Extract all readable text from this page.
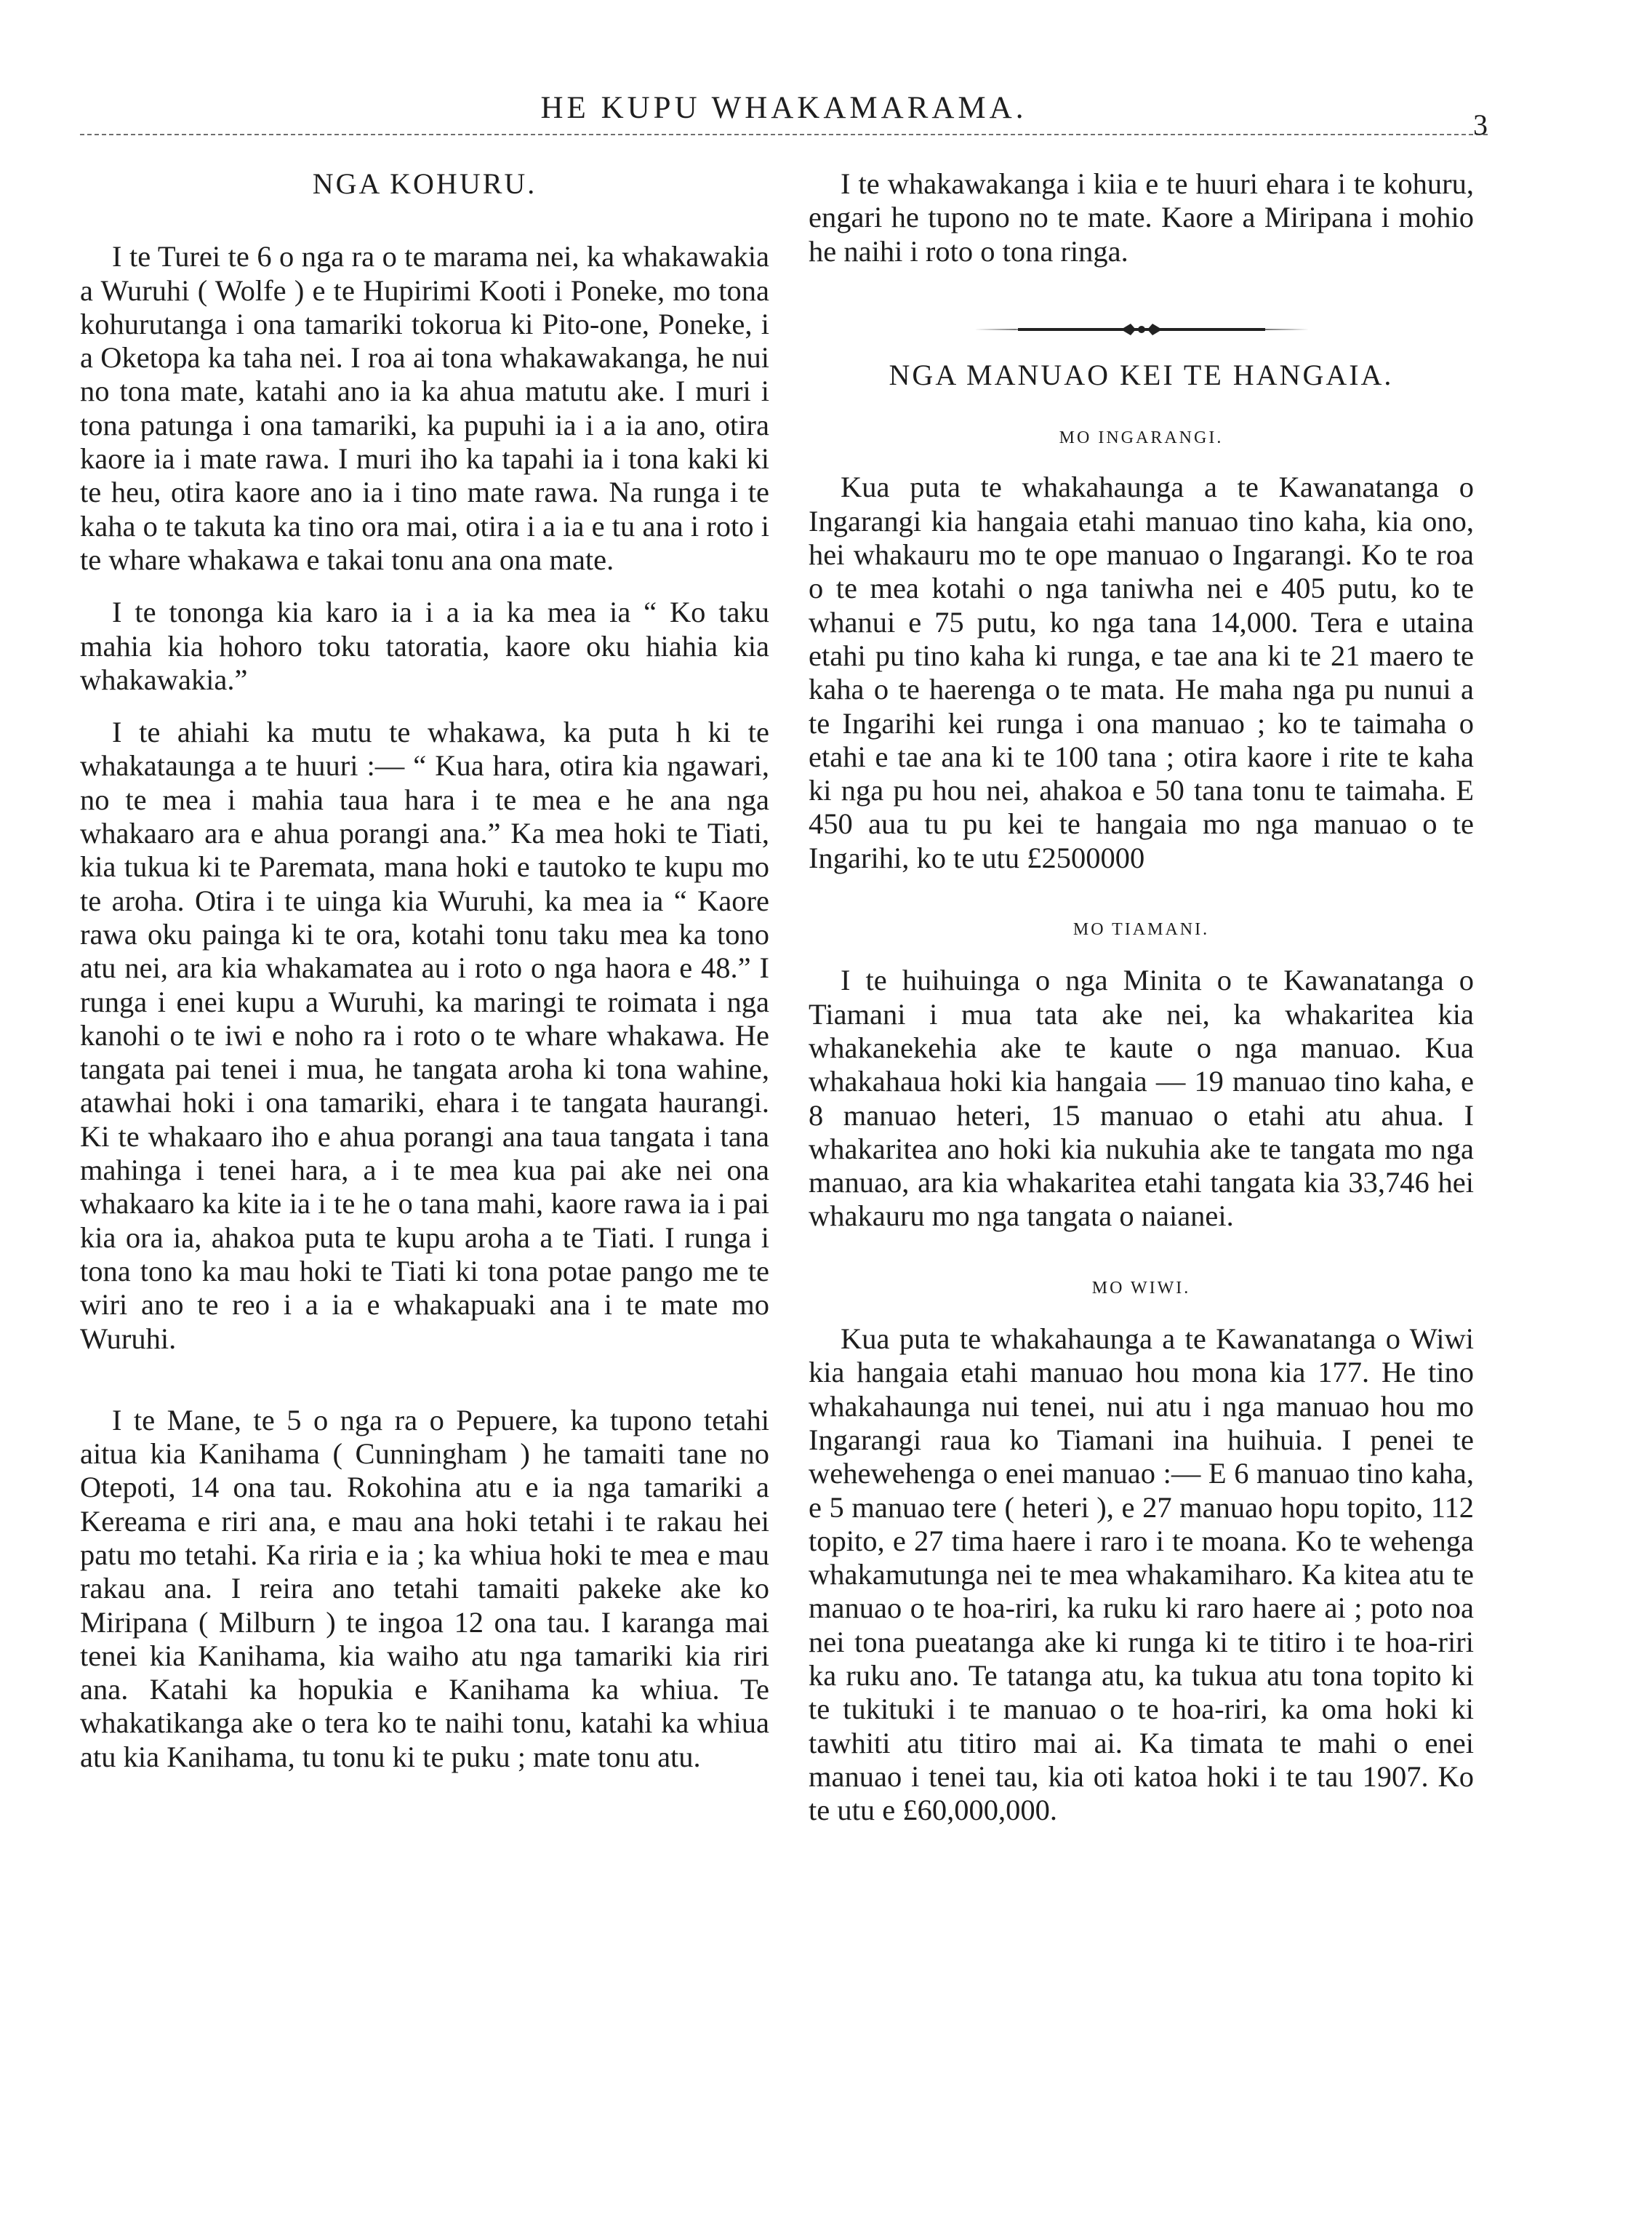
HE KUPU WHAKAMARAMA.	3
NGA KOHURU.

I te Turei te 6 o nga ra o te marama nei, ka whakawakia a Wuruhi ( Wolfe ) e te Hupirimi Kooti i Poneke, mo tona kohurutanga i ona tamariki tokorua ki Pito-one, Poneke, i a Oketopa ka taha nei. I roa ai tona whakawakanga, he nui no tona mate, katahi ano ia ka ahua matutu ake. I muri i tona patunga i ona tamariki, ka pupuhi ia i a ia ano, otira kaore ia i mate rawa. I muri iho ka tapahi ia i tona kaki ki te heu, otira kaore ano ia i tino mate rawa. Na runga i te kaha o te takuta ka tino ora mai, otira i a ia e tu ana i roto i te whare whakawa e takai tonu ana ona mate.

I te tononga kia karo ia i a ia ka mea ia “ Ko taku mahia kia hohoro toku tatoratia, kaore oku hiahia kia whakawakia.”

I te ahiahi ka mutu te whakawa, ka puta h ki te whakataunga a te huuri :— “ Kua hara, otira kia ngawari, no te mea i mahia taua hara i te mea e he ana nga whakaaro ara e ahua porangi ana.” Ka mea hoki te Tiati, kia tukua ki te Paremata, mana hoki e tautoko te kupu mo te aroha. Otira i te uinga kia Wuruhi, ka mea ia “ Kaore rawa oku painga ki te ora, kotahi tonu taku mea ka tono atu nei, ara kia whakamatea au i roto o nga haora e 48.” I runga i enei kupu a Wuruhi, ka maringi te roimata i nga kanohi o te iwi e noho ra i roto o te whare whakawa. He tangata pai tenei i mua, he tangata aroha ki tona wahine, atawhai hoki i ona tamariki, ehara i te tangata haurangi. Ki te whakaaro iho e ahua porangi ana taua tangata i tana mahinga i tenei hara, a i te mea kua pai ake nei ona whakaaro ka kite ia i te he o tana mahi, kaore rawa ia i pai kia ora ia, ahakoa puta te kupu aroha a te Tiati. I runga i tona tono ka mau hoki te Tiati ki tona potae pango me te wiri ano te reo i a ia e whakapuaki ana i te mate mo Wuruhi.

I te Mane, te 5 o nga ra o Pepuere, ka tupono tetahi aitua kia Kanihama ( Cunningham ) he tamaiti tane no Otepoti, 14 ona tau. Rokohina atu e ia nga tamariki a Kereama e riri ana, e mau ana hoki tetahi i te rakau hei patu mo tetahi. Ka riria e ia ; ka whiua hoki te mea e mau rakau ana. I reira ano tetahi tamaiti pakeke ake ko Miripana ( Milburn ) te ingoa 12 ona tau. I karanga mai tenei kia Kanihama, kia waiho atu nga tamariki kia riri ana. Katahi ka hopukia e Kanihama ka whiua. Te whakatikanga ake o tera ko te naihi tonu, katahi ka whiua atu kia Kanihama, tu tonu ki te puku ; mate tonu atu.

I te whakawakanga i kiia e te huuri ehara i te kohuru, engari he tupono no te mate. Kaore a Miripana i mohio he naihi i roto o tona ringa.

NGA MANUAO KEI TE HANGAIA.
MO INGARANGI.

Kua puta te whakahaunga a te Kawanatanga o Ingarangi kia hangaia etahi manuao tino kaha, kia ono, hei whakauru mo te ope manuao o Ingarangi. Ko te roa o te mea kotahi o nga taniwha nei e 405 putu, ko te whanui e 75 putu, ko nga tana 14,000. Tera e utaina etahi pu tino kaha ki runga, e tae ana ki te 21 maero te kaha o te haerenga o te mata. He maha nga pu nunui a te Ingarihi kei runga i ona manuao ; ko te taimaha o etahi e tae ana ki te 100 tana ; otira kaore i rite te kaha ki nga pu hou nei, ahakoa e 50 tana tonu te taimaha. E 450 aua tu pu kei te hangaia mo nga manuao o te Ingarihi, ko te utu £2500000

MO TIAMANI.

I te huihuinga o nga Minita o te Kawanatanga o Tiamani i mua tata ake nei, ka whakaritea kia whakanekehia ake te kaute o nga manuao. Kua whakahaua hoki kia hangaia — 19 manuao tino kaha, e 8 manuao heteri, 15 manuao o etahi atu ahua. I whakaritea ano hoki kia nukuhia ake te tangata mo nga manuao, ara kia whakaritea etahi tangata kia 33,746 hei whakauru mo nga tangata o naianei.

MO WIWI.

Kua puta te whakahaunga a te Kawanatanga o Wiwi kia hangaia etahi manuao hou mona kia 177. He tino whakahaunga nui tenei, nui atu i nga manuao hou mo Ingarangi raua ko Tiamani ina huihuia. I penei te wehewehenga o enei manuao :— E 6 manuao tino kaha, e 5 manuao tere ( heteri ), e 27 manuao hopu topito, 112 topito, e 27 tima haere i raro i te moana. Ko te wehenga whakamutunga nei te mea whakamiharo. Ka kitea atu te manuao o te hoa-riri, ka ruku ki raro haere ai ; poto noa nei tona pueatanga ake ki runga ki te titiro i te hoa-riri ka ruku ano. Te tatanga atu, ka tukua atu tona topito ki te tukituki i te manuao o te hoa-riri, ka oma hoki ki tawhiti atu titiro mai ai. Ka timata te mahi o enei manuao i tenei tau, kia oti katoa hoki i te tau 1907. Ko te utu e £60,000,000.
